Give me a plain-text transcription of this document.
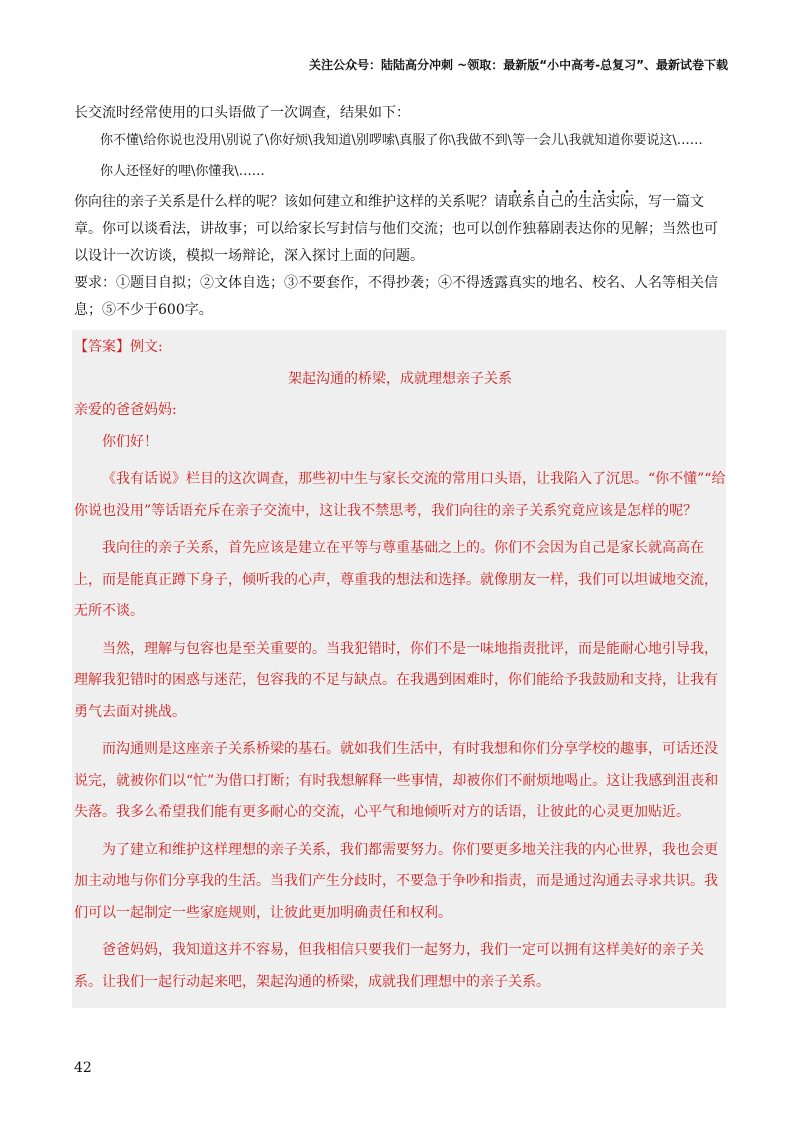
关注公众号：陆陆高分冲刺 ~领取：最新版“小中高考-总复习”、最新试卷下载

长交流时经常使用的口头语做了一次调查，结果如下：

你不懂\给你说也没用\别说了\你好烦\我知道\别啰嗦\真服了你\我做不到\等一会儿\我就知道你要说这\……

你人还怪好的哩\你懂我\……

你向往的亲子关系是什么样的呢？该如何建立和维护这样的关系呢？请联系自己的生活实际，写一篇文章。你可以谈看法，讲故事；可以给家长写封信与他们交流；也可以创作独幕剧表达你的见解；当然也可以设计一次访谈，模拟一场辩论，深入探讨上面的问题。

要求：①题目自拟；②文体自选；③不要套作，不得抄袭；④不得透露真实的地名、校名、人名等相关信息；⑤不少于600字。

【答案】例文:

架起沟通的桥梁，成就理想亲子关系

亲爱的爸爸妈妈:

你们好！

《我有话说》栏目的这次调查，那些初中生与家长交流的常用口头语，让我陷入了沉思。“你不懂”“给你说也没用”等话语充斥在亲子交流中，这让我不禁思考，我们向往的亲子关系究竟应该是怎样的呢？

我向往的亲子关系，首先应该是建立在平等与尊重基础之上的。你们不会因为自己是家长就高高在上，而是能真正蹲下身子，倾听我的心声，尊重我的想法和选择。就像朋友一样，我们可以坦诚地交流，无所不谈。

当然，理解与包容也是至关重要的。当我犯错时，你们不是一味地指责批评，而是能耐心地引导我，理解我犯错时的困惑与迷茫，包容我的不足与缺点。在我遇到困难时，你们能给予我鼓励和支持，让我有勇气去面对挑战。

而沟通则是这座亲子关系桥梁的基石。就如我们生活中，有时我想和你们分享学校的趣事，可话还没说完，就被你们以“忙”为借口打断；有时我想解释一些事情，却被你们不耐烦地喝止。这让我感到沮丧和失落。我多么希望我们能有更多耐心的交流，心平气和地倾听对方的话语，让彼此的心灵更加贴近。

为了建立和维护这样理想的亲子关系，我们都需要努力。你们要更多地关注我的内心世界，我也会更加主动地与你们分享我的生活。当我们产生分歧时，不要急于争吵和指责，而是通过沟通去寻求共识。我们可以一起制定一些家庭规则，让彼此更加明确责任和权利。

爸爸妈妈，我知道这并不容易，但我相信只要我们一起努力，我们一定可以拥有这样美好的亲子关系。让我们一起行动起来吧，架起沟通的桥梁，成就我们理想中的亲子关系。

42
